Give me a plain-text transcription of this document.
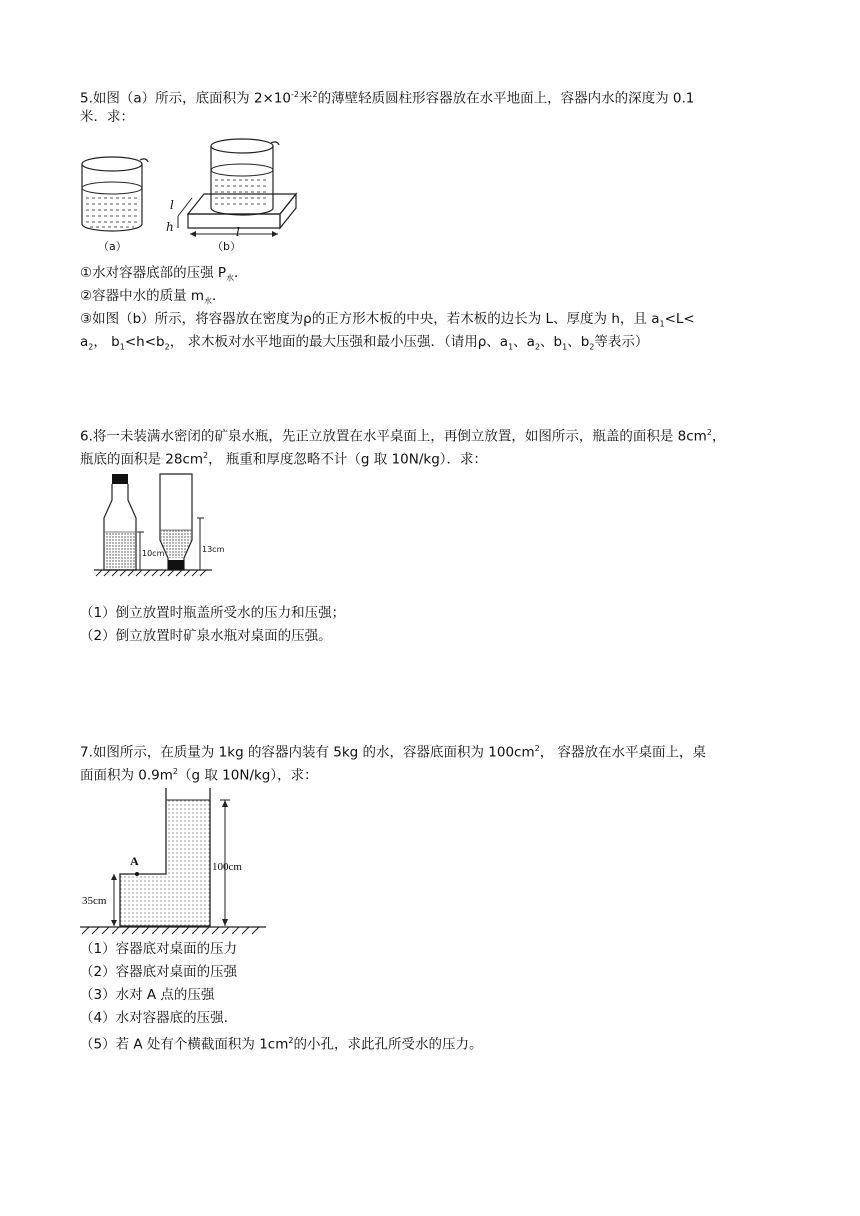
5.如图（a）所示，底面积为 $2\times 10^{-2}$米$^2$的薄壁轻质圆柱形容器放在水平地面上，容器内水的深度为 0.1
米．求：
（a）
l
h	l
（b）
①水对容器底部的压强 $P_水$．
②容器中水的质量 $m_水$．
③如图（b）所示，将容器放在密度为ρ的正方形木板的中央，若木板的边长为 L、厚度为 h，且 $a_1<L<$
$a_2$， $b_1<h<b_2$， 求木板对水平地面的最大压强和最小压强．（请用ρ、$a_1$、$a_2$、$b_1$、$b_2$等表示）
6.将一未装满水密闭的矿泉水瓶，先正立放置在水平桌面上，再倒立放置，如图所示，瓶盖的面积是 $8cm^2$，
瓶底的面积是 $28cm^2$， 瓶重和厚度忽略不计（g 取 10N/kg）．求：
10cm	13cm
（1）倒立放置时瓶盖所受水的压力和压强；
（2）倒立放置时矿泉水瓶对桌面的压强。
7.如图所示，在质量为 1kg 的容器内装有 5kg 的水，容器底面积为 $100cm^2$， 容器放在水平桌面上，桌
面面积为 $0.9m^2(g$ 取 10N/kg），求：
A	100cm
35cm
（1）容器底对桌面的压力
（2）容器底对桌面的压强
（3）水对 A 点的压强
（4）水对容器底的压强.
（5）若 A 处有个横截面积为 $1cm^2$的小孔，求此孔所受水的压力。
